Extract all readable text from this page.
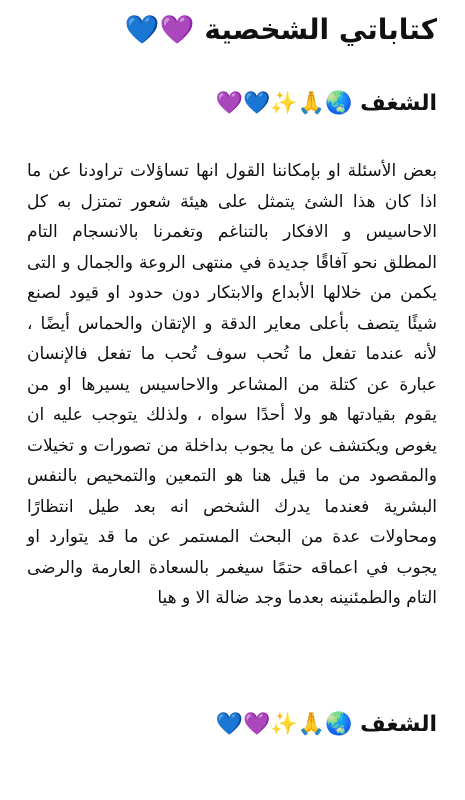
كتاباتي الشخصية 💜💙
الشغف 🌏🙏✨💙💜
بعض الأسئلة او بإمكاننا القول انها تساؤلات تراودنا عن ما اذا كان هذا الشئ يتمثل على هيئة شعور تمتزل به كل الاحاسيس و الافكار بالتناغم وتغمرنا بالانسجام التام المطلق نحو آفاقًا جديدة في منتهى الروعة والجمال و التى يكمن من خلالها الأبداع والابتكار دون حدود او قيود لصنع شيئًا يتصف بأعلى معاير الدقة و الإتقان والحماس أيضًا ، لأنه عندما تفعل ما تُحب سوف تُحب ما تفعل فالإنسان عبارة عن كتلة من المشاعر والاحاسيس يسيرها او من يقوم بقيادتها هو ولا أحدًا سواه ، ولذلك يتوجب عليه ان يغوص ويكتشف عن ما يجوب بداخلة من تصورات و تخيلات والمقصود من ما قيل هنا هو التمعين والتمحيص بالنفس البشرية فعندما يدرك الشخص انه بعد طيل انتظارًا ومحاولات عدة من البحث المستمر عن ما قد يتوارد او يجوب في اعماقه حتمًا سيغمر بالسعادة العارمة والرضى التام والطمئنينه بعدما وجد ضالة الا و هيا
الشغف 🌏🙏✨💜💙
